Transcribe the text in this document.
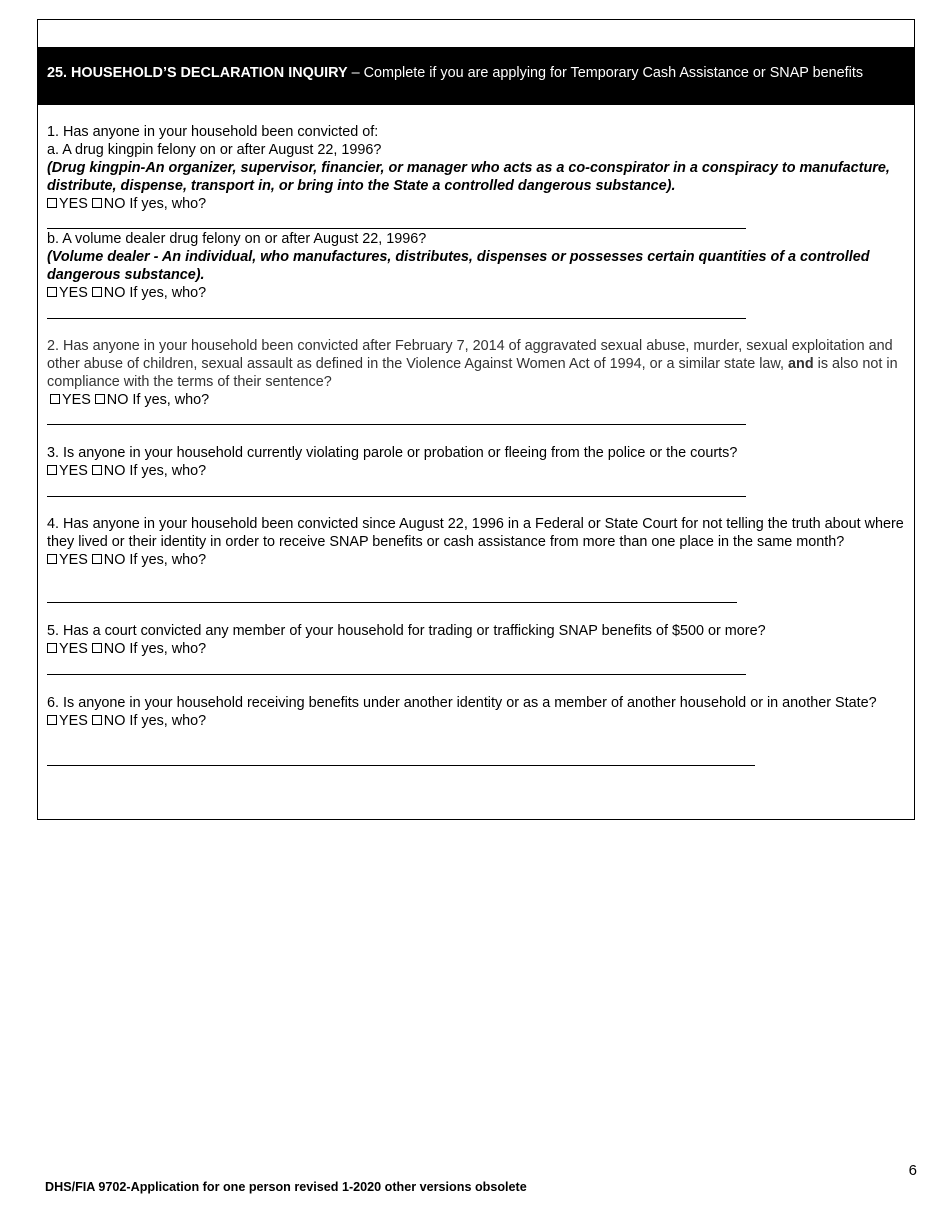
25. HOUSEHOLD’S DECLARATION INQUIRY – Complete if you are applying for Temporary Cash Assistance or SNAP benefits
1. Has anyone in your household been convicted of:
a. A drug kingpin felony on or after August 22, 1996?
(Drug kingpin-An organizer, supervisor, financier, or manager who acts as a co-conspirator in a conspiracy to manufacture, distribute, dispense, transport in, or bring into the State a controlled dangerous substance).
YES NO If yes, who?
b. A volume dealer drug felony on or after August 22, 1996?
(Volume dealer - An individual, who manufactures, distributes, dispenses or possesses certain quantities of a controlled dangerous substance).
YES NO If yes, who?
2. Has anyone in your household been convicted after February 7, 2014 of aggravated sexual abuse, murder, sexual exploitation and other abuse of children, sexual assault as defined in the Violence Against Women Act of 1994, or a similar state law, and is also not in compliance with the terms of their sentence?
YES NO If yes, who?
3. Is anyone in your household currently violating parole or probation or fleeing from the police or the courts?
YES NO If yes, who?
4. Has anyone in your household been convicted since August 22, 1996 in a Federal or State Court for not telling the truth about where they lived or their identity in order to receive SNAP benefits or cash assistance from more than one place in the same month?
YES NO If yes, who?
5. Has a court convicted any member of your household for trading or trafficking SNAP benefits of $500 or more?
YES NO If yes, who?
6. Is anyone in your household receiving benefits under another identity or as a member of another household or in another State?
YES NO If yes, who?
6
DHS/FIA 9702-Application for one person revised 1-2020 other versions obsolete
